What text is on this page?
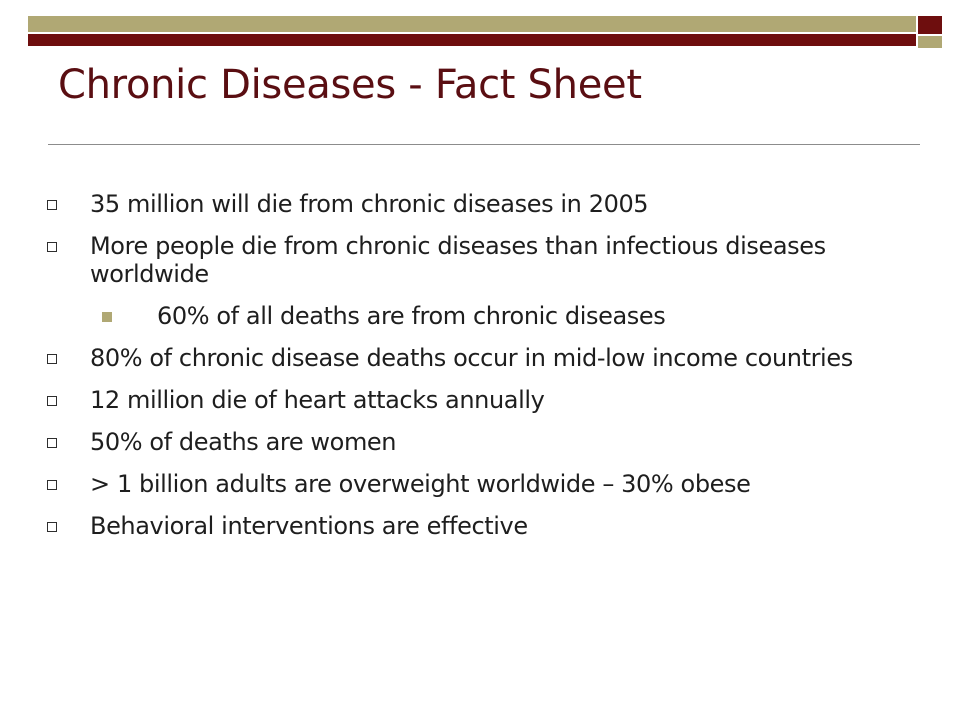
Chronic Diseases - Fact Sheet
35 million will die from chronic diseases in 2005
More people die from chronic diseases than infectious diseases worldwide
60% of all deaths are from chronic diseases
80% of chronic disease deaths occur in mid-low income countries
12 million die of heart attacks annually
50% of deaths are women
> 1 billion adults are overweight worldwide – 30% obese
Behavioral interventions are effective
